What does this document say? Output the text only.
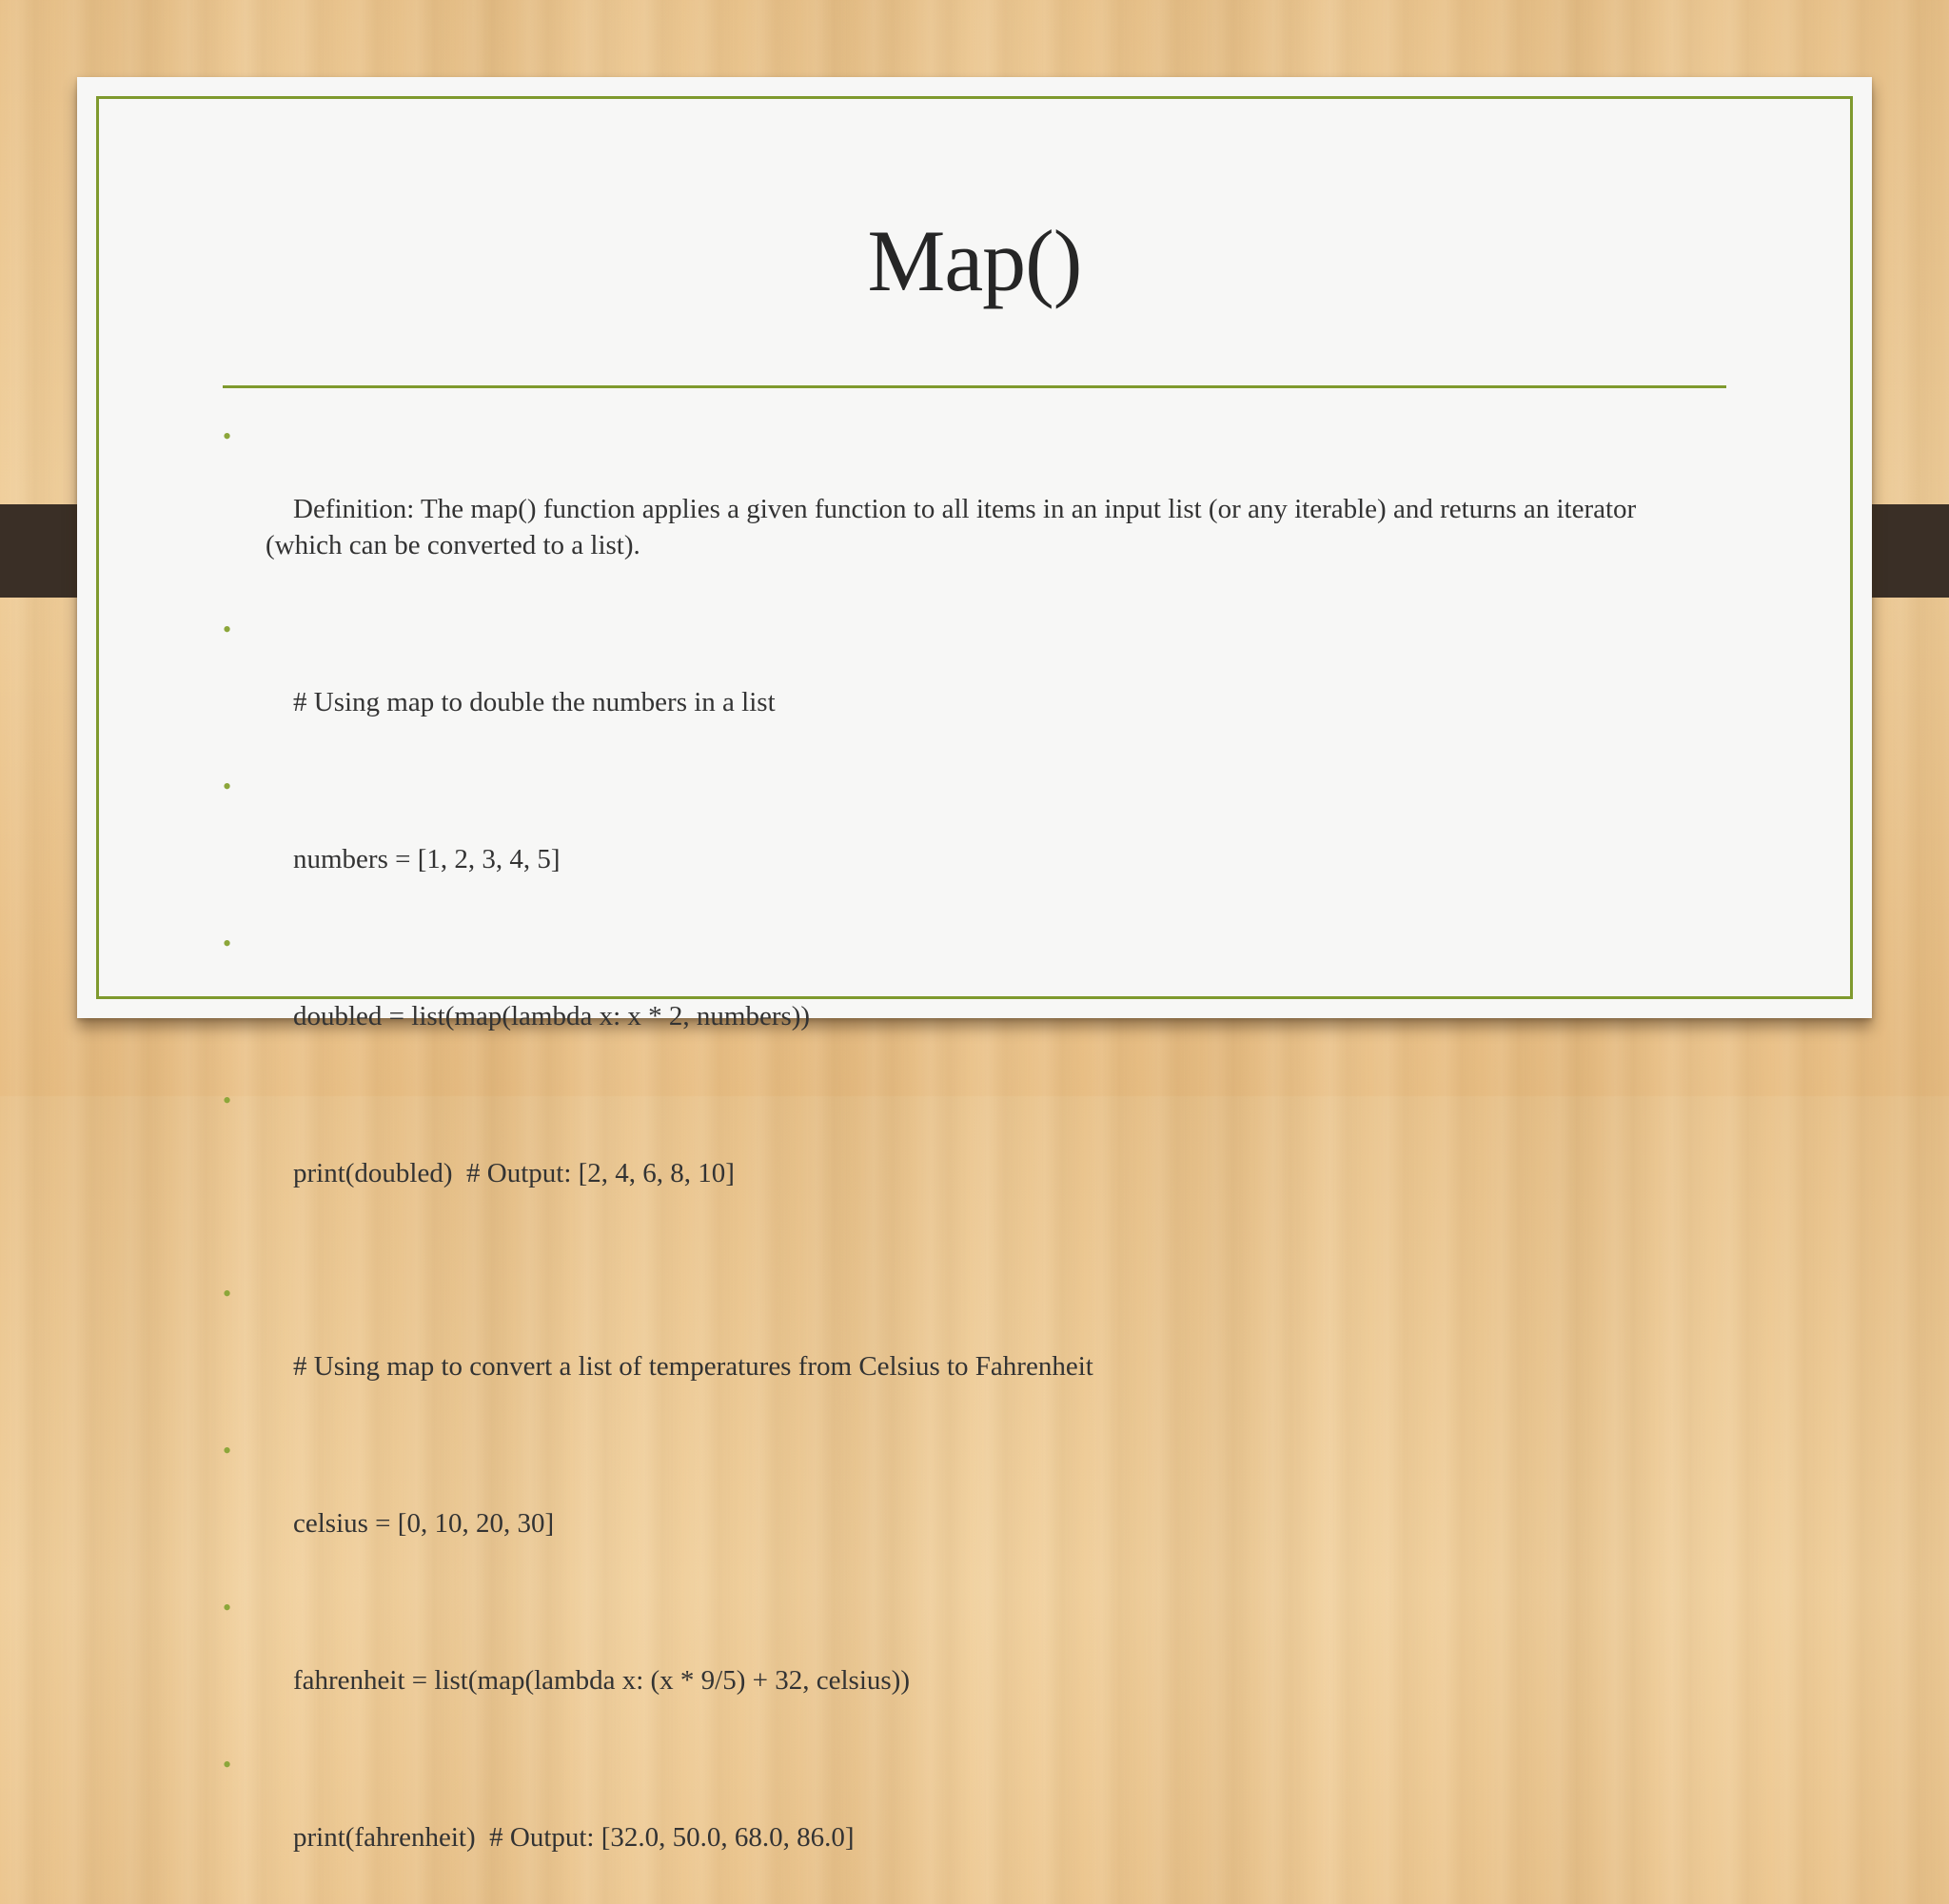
Map()

•

Definition: The map() function applies a given function to all items in an input list (or any iterable) and returns an iterator (which can be converted to a list).

•

# Using map to double the numbers in a list

•

numbers = [1, 2, 3, 4, 5]

•

doubled = list(map(lambda x: x * 2, numbers))

•

print(doubled)  # Output: [2, 4, 6, 8, 10]

•

# Using map to convert a list of temperatures from Celsius to Fahrenheit

•

celsius = [0, 10, 20, 30]

•

fahrenheit = list(map(lambda x: (x * 9/5) + 32, celsius))

•

print(fahrenheit)  # Output: [32.0, 50.0, 68.0, 86.0]
